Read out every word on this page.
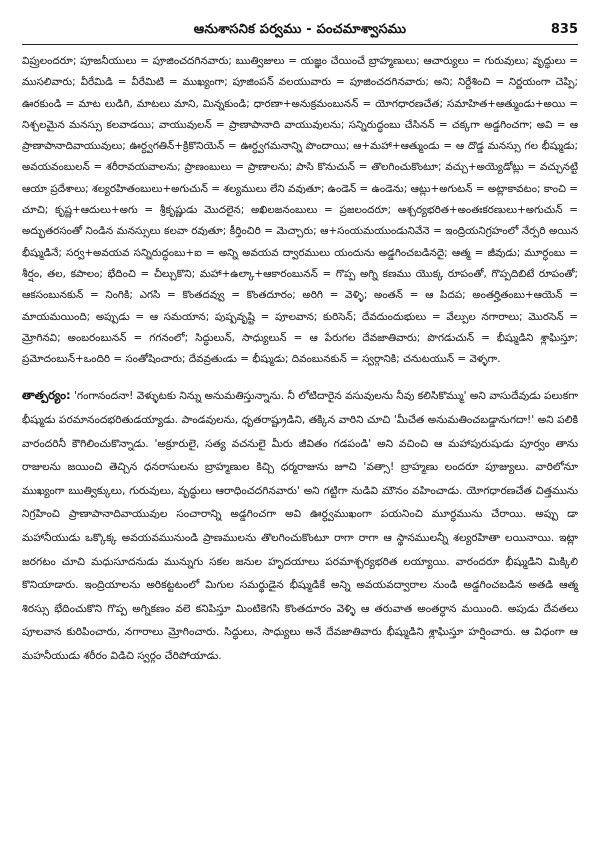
ఆనుశాసనిక పర్వము - పంచమాశ్వాసము	835

విప్రులందరూ; పూజనీయులు = పూజించదగినవారు; ఋత్విజులు = యజ్ఞం చేయించే బ్రాహ్మణులు; ఆచార్యులు = గురువులు; వృద్ధులు = ముసలివారు; వీరేమిడి = వీరేమిటి = ముఖ్యంగా; పూజింపన్ వలయువారు = పూజించదగినవారు; అని; నిర్దేశించి = నిర్ణయంగా చెప్పి; ఊరకుండి = మాట లుడిగి, మాటలు మాని, మిన్నకుండి; ధారణా+అనుక్రమంబునన్ = యోగధారణచేత; సమాహిత+ఆత్ముండు+అయి = నిశ్చలమైన మనస్సు కలవాడయి; వాయువులన్ = ప్రాణాపానాది వాయువులను; సన్నిరుద్ధంబు చేసినన్ = చక్కగా అడ్డగించగా; అవి = ఆ ప్రాణాపానాదివాయువులు; ఊర్ధ్వగతిన్+క్రికొనియెన్ = ఊర్ధ్వగమనాన్ని పొందాయి; ఆ+మహా+ఆత్ముండు = ఆ దొడ్డ మనస్సు గల భీష్ముడు; అవయవంబులన్ = శరీరావయవాలను; ప్రాణంబులు = ప్రాణాలను; పాసి కొనుచున్ = తొలగించుకొంటూ; వచ్చు+అయ్యెడోట్లు = వచ్చునట్టి ఆయా ప్రదేశాలు; శల్యరహితంబులు+అగుచున్ = శల్యములు లేని వవుతూ; ఉండెన్ = ఉండెను; ఆట్లు+అగుటన్ = అట్లాకావటం; కాంచి = చూచి; కృష్ణ+ఆదులు+అగు = శ్రీకృష్ణుడు మొదలైన; అఖిలజనంబులు = ప్రజలందరూ; ఆశ్చర్యభరిత+అంతఃకరణులు+అగుచున్ = అద్భుతరసంతో నిండిన మనస్సులు కలవా రవుతూ; కీర్తించిరి = మెచ్చారు; ఆ+సంయమయుండునివేనె = ఇంద్రియనిగ్రహంలో నేర్పరి అయిన భీష్ముడినే; సర్వ+అవయవ సన్నిరుద్ధంబు+ఐ = అన్ని అవయవ ద్వారములు యందును అడ్డగించబడినదై; ఆత్మ = జీవుడు; మూర్ధంబు = శీర్షం, తల, కపాలం; భేదించి = చీల్చుకొని; మహా+ఉల్కా+ఆకారంబునన్ = గొప్ప అగ్ని కణము యొక్క రూపంతో, గొప్పదిబిటే రూపంతో; ఆకసంబునకున్ = నింగికి; ఎగసి = కొంతదవ్వు = కొంతదూరం; అరిగి = వెళ్ళి; అంతన్ = ఆ పిదప; అంతర్హితంబు+ఆయెన్ = మాయమయింది; అప్పుడు = ఆ సమయాన; పుష్పవృష్టి = పూలవాన; కురిసెన్; దేవదుందుభులు = వేల్పుల నగారాలు; మొరసెన్ = మ్రోగినవి; అంబరంబునన్ = గగనంలో; సిద్ధులున్, సాధ్యులున్ = ఆ పేరుగల దేవజాతివారు; పొగడుచున్ = భీష్ముడిని శ్లాఘిస్తూ; ప్రమోదంబున్+ఒందిరి = సంతోషించారు; దేవవ్రతుఁడు = భీష్ముడు; దివంబునకున్ = స్వర్గానికి; చనుటయున్ = వెళ్ళగా.

తాత్పర్యం: 'గంగానందనా! వెళ్ళుటకు నిన్ను అనుమతిస్తున్నాను. నీ లోటిదారైన వసువులను నీవు కలిసికొమ్ము' అని వాసుదేవుడు పలుకగా భీష్ముడు పరమానందభరితుడయ్యాడు. పాండవులను, ధృతరాష్ట్రుడిని, తక్కిన వారిని చూచి 'మీచేత అనుమతించబడ్డానుగదా!' అని పలికి వారందరినీ కౌగిలించుకొన్నాడు. 'అక్రూరులై, సత్య వచనులై మీరు జీవితం గడపండి' అని వచించి ఆ మహాపురుషుడు పూర్వం తాను రాజులను జయించి తెచ్చిన ధనరాసులను బ్రాహ్మణుల కిచ్చి ధర్మరాజును జూచి 'వత్సా! బ్రాహ్మణు లందరూ పూజ్యులు. వారిలోనూ ముఖ్యంగా ఋత్విక్కులు, గురువులు, వృద్ధులు ఆరాధించదగినవారు' అని గట్టిగా నుడివి మౌనం వహించాడు. యోగధారణచేత చిత్తమును నిగ్రహించి ప్రాణాపానాదివాయువుల సంచారాన్ని అడ్డగించగా అవి ఊర్ధ్వముఖంగా పయనించి మూర్ధమును చేరాయి. అప్పు డా మహానీయుడు ఒక్కొక్క అవయవమునుండి ప్రాణములను తొలగించుకొంటూ రాగా రాగా ఆ స్థానములన్నీ శల్యరహితా లయినాయి. ఇట్లా జరగటం చూచి మధుసూదనుడు మున్నుగు సకల జనుల హృదయాలు పరమాశ్చర్యభరిత లయ్యాయి. వారందరూ భీష్ముడిని మిక్కిలి కొనియాడారు. ఇంద్రియాలను అరికట్టటంలో మిగుల సమర్థుడైన భీష్ముడికే అన్ని అవయవద్వారాల నుండి అడ్డగించబడిన అతడి ఆత్మ శిరస్సు భేదించుకొని గొప్ప అగ్నికణం వలె కనిపిస్తూ మింటికెగసి కొంతదూరం వెళ్ళి ఆ తరువాత అంతర్ధాన మయింది. అపుడు దేవతలు పూలవాన కురిపించారు, నగారాలు మ్రోగించారు. సిద్ధులు, సాధ్యులు అనే దేవజాతివారు భీష్ముడిని శ్లాఘిస్తూ హర్షించారు. ఆ విధంగా ఆ మహనీయుడు శరీరం విడిచి స్వర్గం చేరిపోయాడు.
